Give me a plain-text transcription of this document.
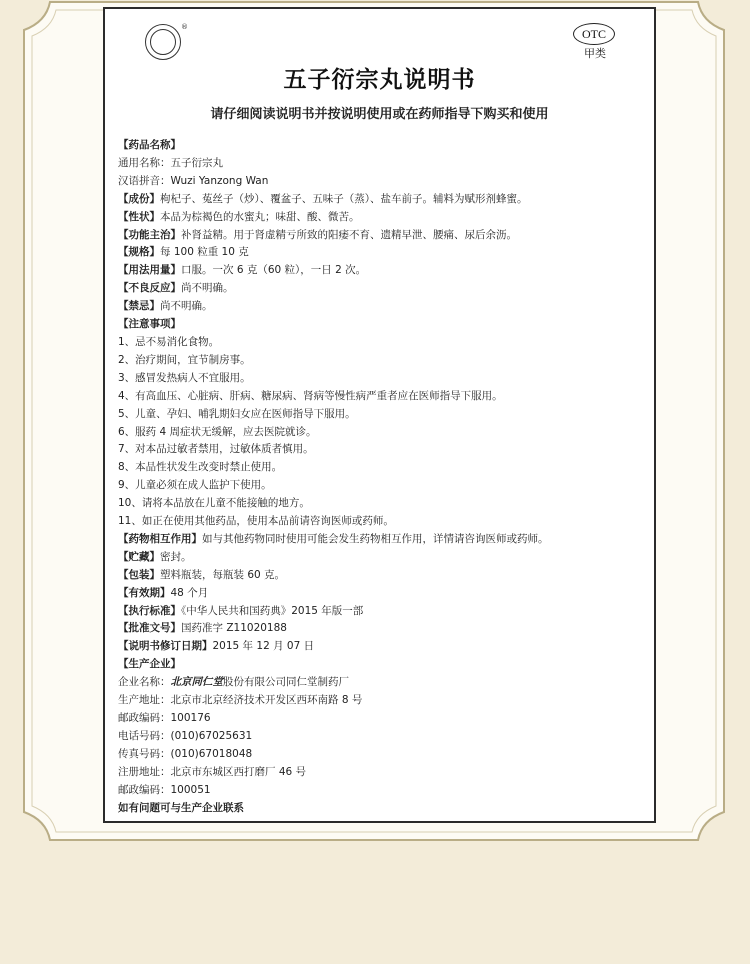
®	OTC
甲类
五子衍宗丸说明书
请仔细阅读说明书并按说明使用或在药师指导下购买和使用
【药品名称】
通用名称：五子衍宗丸
汉语拼音：Wuzi Yanzong Wan
【成份】枸杞子、菟丝子（炒）、覆盆子、五味子（蒸）、盐车前子。辅料为赋形剂蜂蜜。
【性状】本品为棕褐色的水蜜丸；味甜、酸、微苦。
【功能主治】补肾益精。用于肾虚精亏所致的阳痿不育、遗精早泄、腰痛、尿后余沥。
【规格】每 100 粒重 10 克
【用法用量】口服。一次 6 克（60 粒），一日 2 次。
【不良反应】尚不明确。
【禁忌】尚不明确。
【注意事项】
1、忌不易消化食物。
2、治疗期间，宜节制房事。
3、感冒发热病人不宜服用。
4、有高血压、心脏病、肝病、糖尿病、肾病等慢性病严重者应在医师指导下服用。
5、儿童、孕妇、哺乳期妇女应在医师指导下服用。
6、服药 4 周症状无缓解，应去医院就诊。
7、对本品过敏者禁用，过敏体质者慎用。
8、本品性状发生改变时禁止使用。
9、儿童必须在成人监护下使用。
10、请将本品放在儿童不能接触的地方。
11、如正在使用其他药品，使用本品前请咨询医师或药师。
【药物相互作用】如与其他药物同时使用可能会发生药物相互作用，详情请咨询医师或药师。
【贮藏】密封。
【包装】塑料瓶装，每瓶装 60 克。
【有效期】48 个月
【执行标准】《中华人民共和国药典》2015 年版一部
【批准文号】国药准字 Z11020188
【说明书修订日期】2015 年 12 月 07 日
【生产企业】
企业名称：北京同仁堂股份有限公司同仁堂制药厂
生产地址：北京市北京经济技术开发区西环南路 8 号
邮政编码：100176
电话号码：(010)67025631
传真号码：(010)67018048
注册地址：北京市东城区西打磨厂 46 号
邮政编码：100051
如有问题可与生产企业联系
